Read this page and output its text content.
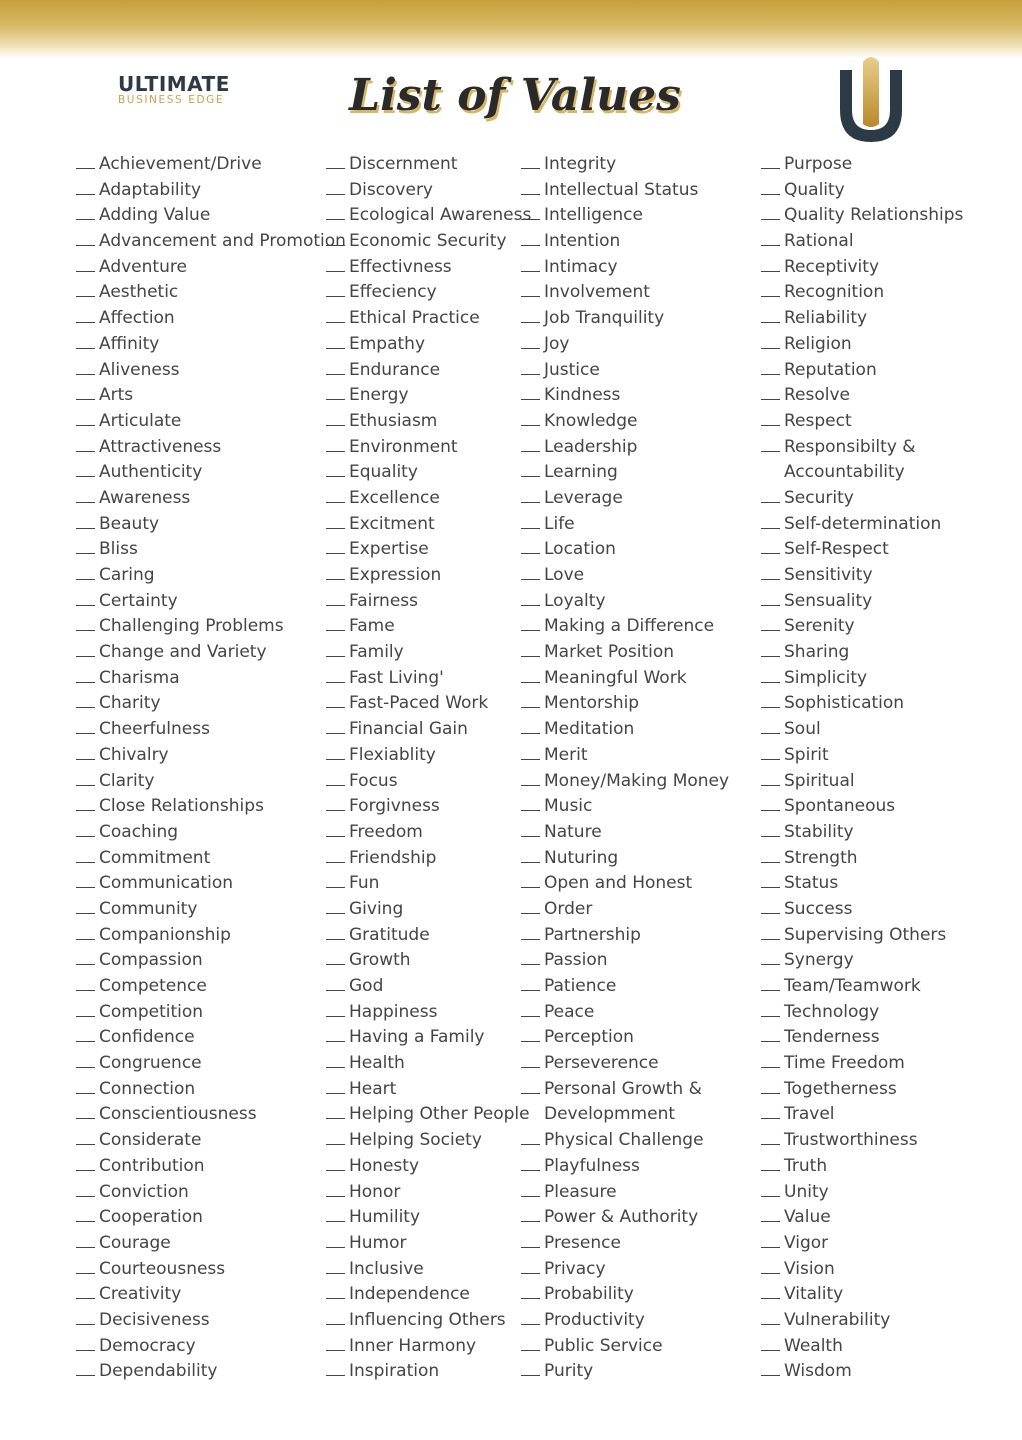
ULTIMATE
BUSINESS EDGE	List of Values
Achievement/Drive
Adaptability
Adding Value
Advancement and Promotion
Adventure
Aesthetic
Affection
Affinity
Aliveness
Arts
Articulate
Attractiveness
Authenticity
Awareness
Beauty
Bliss
Caring
Certainty
Challenging Problems
Change and Variety
Charisma
Charity
Cheerfulness
Chivalry
Clarity
Close Relationships
Coaching
Commitment
Communication
Community
Companionship
Compassion
Competence
Competition
Confidence
Congruence
Connection
Conscientiousness
Considerate
Contribution
Conviction
Cooperation
Courage
Courteousness
Creativity
Decisiveness
Democracy
Dependability
Discernment
Discovery
Ecological Awareness
Economic Security
Effectivness
Effeciency
Ethical Practice
Empathy
Endurance
Energy
Ethusiasm
Environment
Equality
Excellence
Excitment
Expertise
Expression
Fairness
Fame
Family
Fast Living'
Fast-Paced Work
Financial Gain
Flexiablity
Focus
Forgivness
Freedom
Friendship
Fun
Giving
Gratitude
Growth
God
Happiness
Having a Family
Health
Heart
Helping Other People
Helping Society
Honesty
Honor
Humility
Humor
Inclusive
Independence
Influencing Others
Inner Harmony
Inspiration
Integrity
Intellectual Status
Intelligence
Intention
Intimacy
Involvement
Job Tranquility
Joy
Justice
Kindness
Knowledge
Leadership
Learning
Leverage
Life
Location
Love
Loyalty
Making a Difference
Market Position
Meaningful Work
Mentorship
Meditation
Merit
Money/Making Money
Music
Nature
Nuturing
Open and Honest
Order
Partnership
Passion
Patience
Peace
Perception
Perseverence
Personal Growth &
Developmment
Physical Challenge
Playfulness
Pleasure
Power & Authority
Presence
Privacy
Probability
Productivity
Public Service
Purity
Purpose
Quality
Quality Relationships
Rational
Receptivity
Recognition
Reliability
Religion
Reputation
Resolve
Respect
Responsibilty &
Accountability
Security
Self-determination
Self-Respect
Sensitivity
Sensuality
Serenity
Sharing
Simplicity
Sophistication
Soul
Spirit
Spiritual
Spontaneous
Stability
Strength
Status
Success
Supervising Others
Synergy
Team/Teamwork
Technology
Tenderness
Time Freedom
Togetherness
Travel
Trustworthiness
Truth
Unity
Value
Vigor
Vision
Vitality
Vulnerability
Wealth
Wisdom
